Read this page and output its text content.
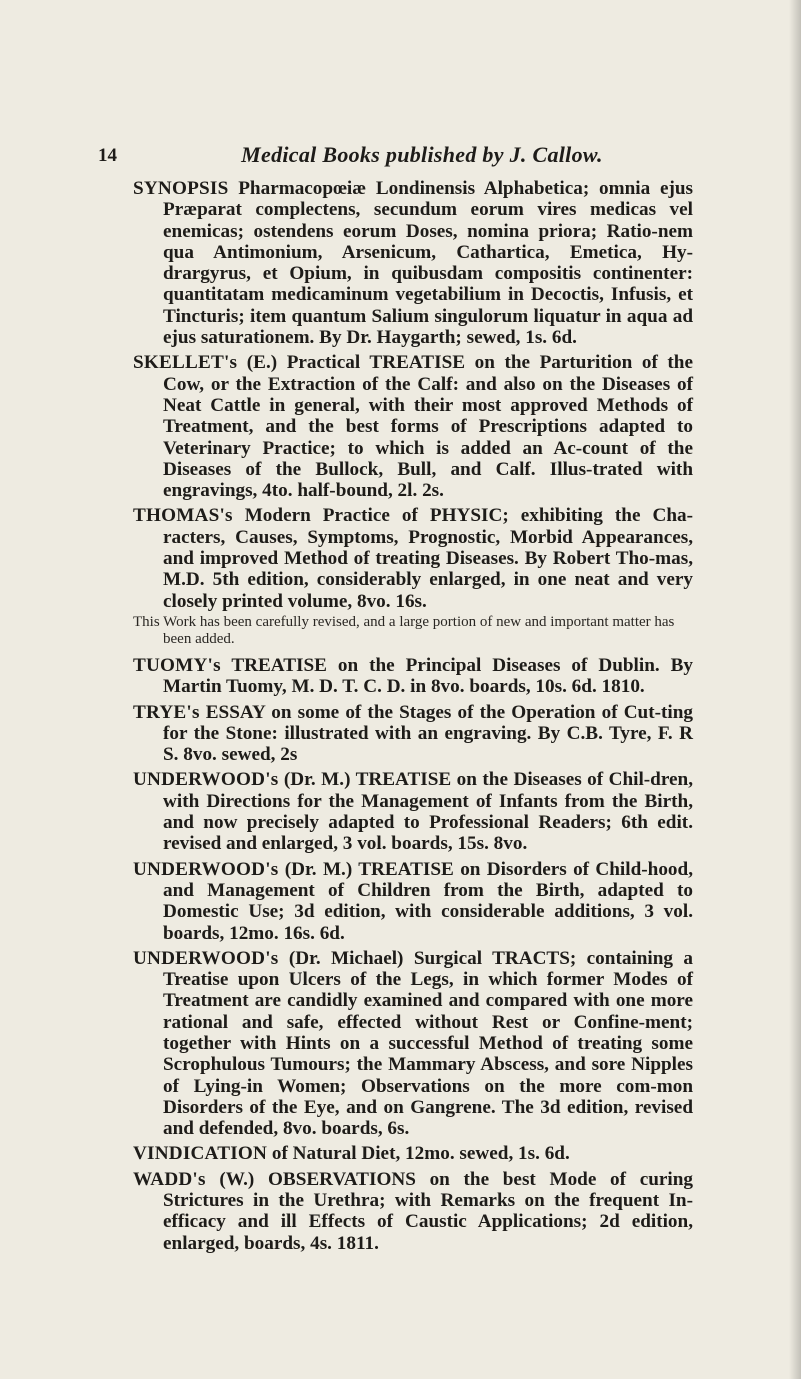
14	Medical Books published by J. Callow.

SYNOPSIS Pharmacopœiæ Londinensis Alphabetica; omnia ejus Præparat complectens, secundum eorum vires medicas vel enemicas; ostendens eorum Doses, nomina priora; Ratio-nem qua Antimonium, Arsenicum, Cathartica, Emetica, Hy-drargyrus, et Opium, in quibusdam compositis continenter: quantitatam medicaminum vegetabilium in Decoctis, Infusis, et Tincturis; item quantum Salium singulorum liquatur in aqua ad ejus saturationem. By Dr. Haygarth; sewed, 1s. 6d.

SKELLET's (E.) Practical TREATISE on the Parturition of the Cow, or the Extraction of the Calf: and also on the Diseases of Neat Cattle in general, with their most approved Methods of Treatment, and the best forms of Prescriptions adapted to Veterinary Practice; to which is added an Ac-count of the Diseases of the Bullock, Bull, and Calf. Illus-trated with engravings, 4to. half-bound, 2l. 2s.

THOMAS's Modern Practice of PHYSIC; exhibiting the Cha-racters, Causes, Symptoms, Prognostic, Morbid Appearances, and improved Method of treating Diseases. By Robert Tho-mas, M.D. 5th edition, considerably enlarged, in one neat and very closely printed volume, 8vo. 16s.

This Work has been carefully revised, and a large portion of new and important matter has been added.

TUOMY's TREATISE on the Principal Diseases of Dublin. By Martin Tuomy, M. D. T. C. D. in 8vo. boards, 10s. 6d. 1810.

TRYE's ESSAY on some of the Stages of the Operation of Cut-ting for the Stone: illustrated with an engraving. By C.B. Tyre, F. R S. 8vo. sewed, 2s

UNDERWOOD's (Dr. M.) TREATISE on the Diseases of Chil-dren, with Directions for the Management of Infants from the Birth, and now precisely adapted to Professional Readers; 6th edit. revised and enlarged, 3 vol. boards, 15s. 8vo.

UNDERWOOD's (Dr. M.) TREATISE on Disorders of Child-hood, and Management of Children from the Birth, adapted to Domestic Use; 3d edition, with considerable additions, 3 vol. boards, 12mo. 16s. 6d.

UNDERWOOD's (Dr. Michael) Surgical TRACTS; containing a Treatise upon Ulcers of the Legs, in which former Modes of Treatment are candidly examined and compared with one more rational and safe, effected without Rest or Confine-ment; together with Hints on a successful Method of treating some Scrophulous Tumours; the Mammary Abscess, and sore Nipples of Lying-in Women; Observations on the more com-mon Disorders of the Eye, and on Gangrene. The 3d edition, revised and defended, 8vo. boards, 6s.

VINDICATION of Natural Diet, 12mo. sewed, 1s. 6d.

WADD's (W.) OBSERVATIONS on the best Mode of curing Strictures in the Urethra; with Remarks on the frequent In-efficacy and ill Effects of Caustic Applications; 2d edition, enlarged, boards, 4s. 1811.
